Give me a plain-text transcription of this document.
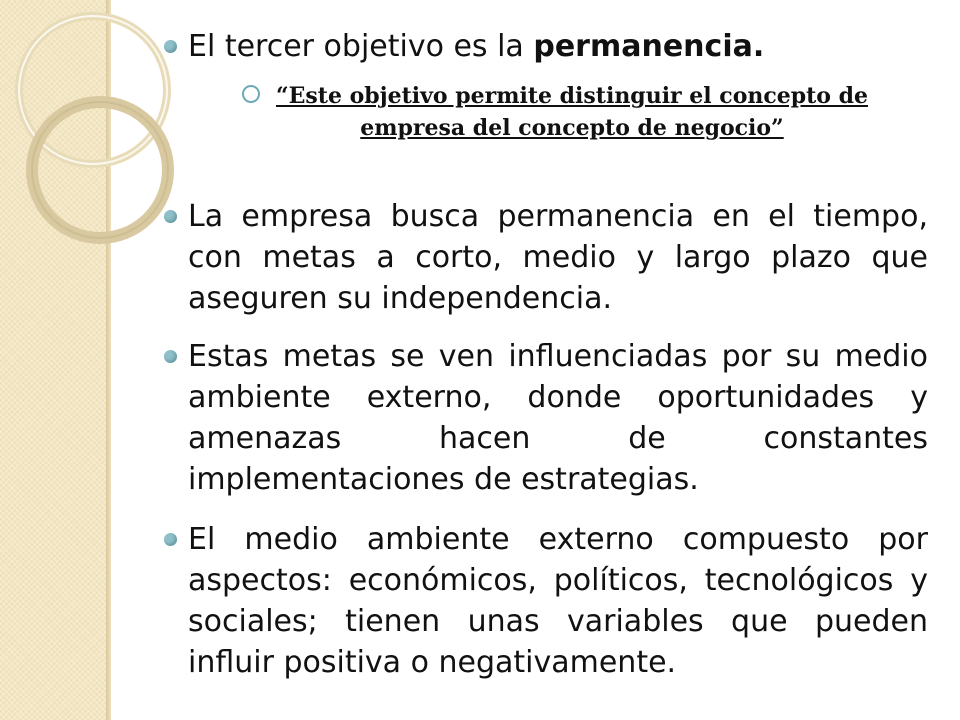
El tercer objetivo es la permanencia.
“Este objetivo permite distinguir el concepto de empresa del concepto de negocio”
La empresa busca permanencia en el tiempo, con metas a corto, medio y largo plazo que aseguren su independencia.
Estas metas se ven influenciadas por su medio ambiente externo, donde oportunidades y amenazas hacen de constantes implementaciones de estrategias.
El medio ambiente externo compuesto por aspectos: económicos, políticos, tecnológicos y sociales; tienen unas variables que pueden influir positiva o negativamente.
